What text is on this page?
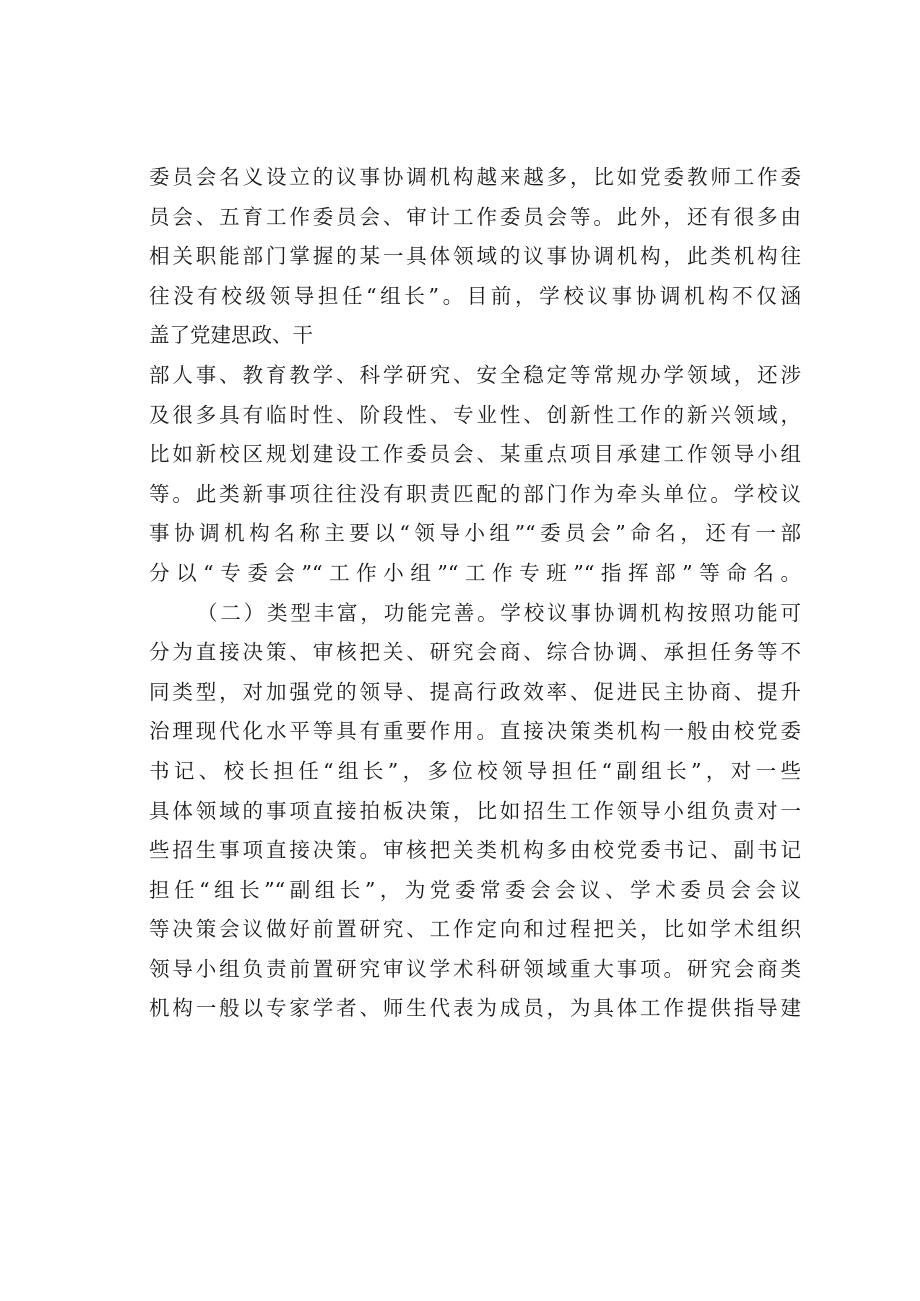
委员会名义设立的议事协调机构越来越多，比如党委教师工作委
员会、五育工作委员会、审计工作委员会等。此外，还有很多由
相关职能部门掌握的某一具体领域的议事协调机构，此类机构往
往没有校级领导担任“组长”。目前，学校议事协调机构不仅涵
盖了党建思政、干
部人事、教育教学、科学研究、安全稳定等常规办学领域，还涉
及很多具有临时性、阶段性、专业性、创新性工作的新兴领域，
比如新校区规划建设工作委员会、某重点项目承建工作领导小组
等。此类新事项往往没有职责匹配的部门作为牵头单位。学校议
事协调机构名称主要以“领导小组”“委员会”命名，还有一部
分以“专委会”“工作小组”“工作专班”“指挥部”等命名。
（二）类型丰富，功能完善。学校议事协调机构按照功能可
分为直接决策、审核把关、研究会商、综合协调、承担任务等不
同类型，对加强党的领导、提高行政效率、促进民主协商、提升
治理现代化水平等具有重要作用。直接决策类机构一般由校党委
书记、校长担任“组长”，多位校领导担任“副组长”，对一些
具体领域的事项直接拍板决策，比如招生工作领导小组负责对一
些招生事项直接决策。审核把关类机构多由校党委书记、副书记
担任“组长”“副组长”，为党委常委会会议、学术委员会会议
等决策会议做好前置研究、工作定向和过程把关，比如学术组织
领导小组负责前置研究审议学术科研领域重大事项。研究会商类
机构一般以专家学者、师生代表为成员，为具体工作提供指导建
